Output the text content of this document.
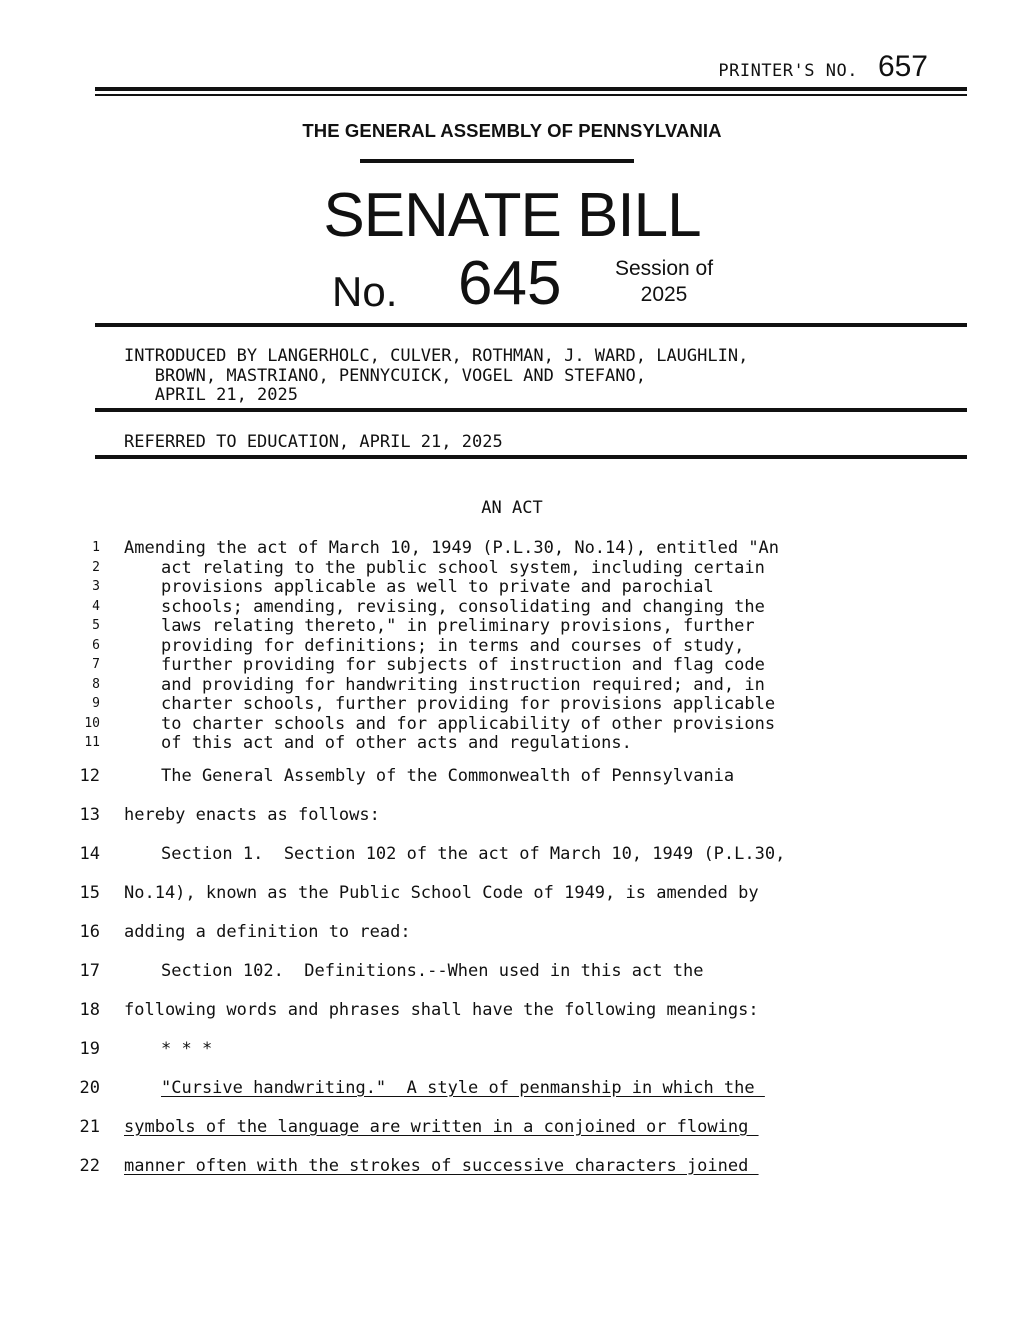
PRINTER'S NO. 657
THE GENERAL ASSEMBLY OF PENNSYLVANIA
SENATE BILL
No. 645	Session of
2025
INTRODUCED BY LANGERHOLC, CULVER, ROTHMAN, J. WARD, LAUGHLIN,
BROWN, MASTRIANO, PENNYCUICK, VOGEL AND STEFANO,
APRIL 21, 2025
REFERRED TO EDUCATION, APRIL 21, 2025
AN ACT
1 Amending the act of March 10, 1949 (P.L.30, No.14), entitled "An
2	act relating to the public school system, including certain
3	provisions applicable as well to private and parochial
4	schools; amending, revising, consolidating and changing the
5	laws relating thereto," in preliminary provisions, further
6	providing for definitions; in terms and courses of study,
7	further providing for subjects of instruction and flag code
8	and providing for handwriting instruction required; and, in
9	charter schools, further providing for provisions applicable
10	to charter schools and for applicability of other provisions
11	of this act and of other acts and regulations.
12	The General Assembly of the Commonwealth of Pennsylvania
13 hereby enacts as follows:
14	Section 1.  Section 102 of the act of March 10, 1949 (P.L.30,
15 No.14), known as the Public School Code of 1949, is amended by
16 adding a definition to read:
17	Section 102.  Definitions.--When used in this act the
18 following words and phrases shall have the following meanings:
19	* * *
20	"Cursive handwriting."  A style of penmanship in which the
21 symbols of the language are written in a conjoined or flowing
22 manner often with the strokes of successive characters joined
